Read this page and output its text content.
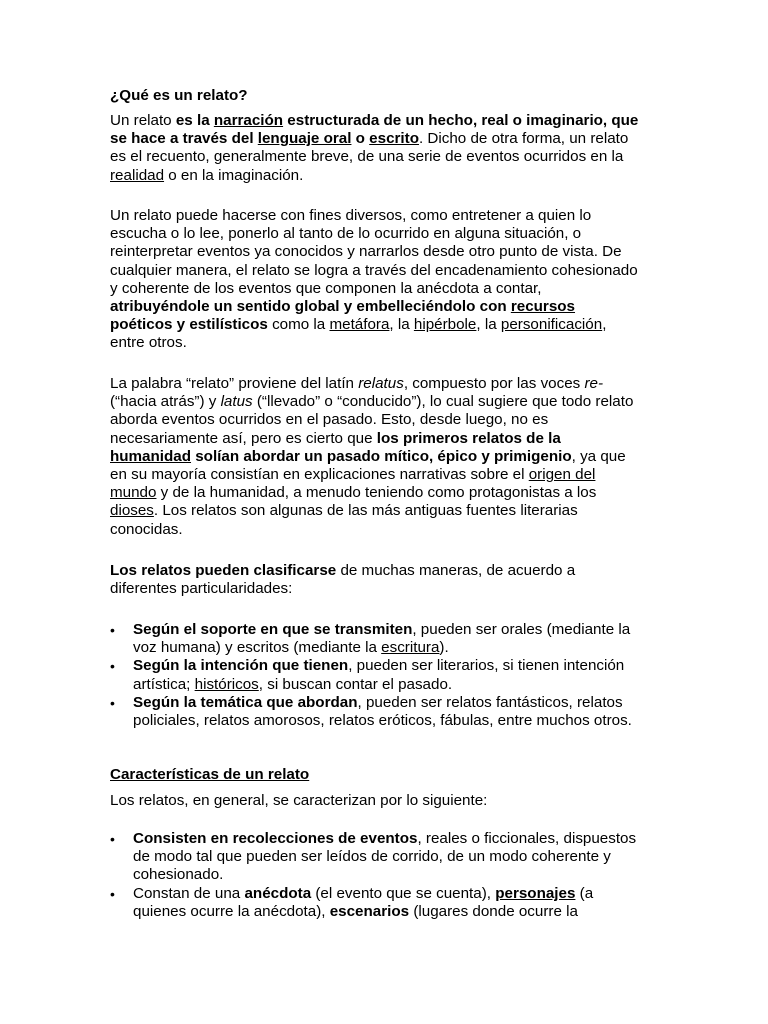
¿Qué es un relato?

Un relato es la narración estructurada de un hecho, real o imaginario, que se hace a través del lenguaje oral o escrito. Dicho de otra forma, un relato es el recuento, generalmente breve, de una serie de eventos ocurridos en la realidad o en la imaginación.

Un relato puede hacerse con fines diversos, como entretener a quien lo escucha o lo lee, ponerlo al tanto de lo ocurrido en alguna situación, o reinterpretar eventos ya conocidos y narrarlos desde otro punto de vista. De cualquier manera, el relato se logra a través del encadenamiento cohesionado y coherente de los eventos que componen la anécdota a contar, atribuyéndole un sentido global y embelleciéndolo con recursos poéticos y estilísticos como la metáfora, la hipérbole, la personificación, entre otros.

La palabra “relato” proviene del latín relatus, compuesto por las voces re- (“hacia atrás”) y latus (“llevado” o “conducido”), lo cual sugiere que todo relato aborda eventos ocurridos en el pasado. Esto, desde luego, no es necesariamente así, pero es cierto que los primeros relatos de la humanidad solían abordar un pasado mítico, épico y primigenio, ya que en su mayoría consistían en explicaciones narrativas sobre el origen del mundo y de la humanidad, a menudo teniendo como protagonistas a los dioses. Los relatos son algunas de las más antiguas fuentes literarias conocidas.

Los relatos pueden clasificarse de muchas maneras, de acuerdo a diferentes particularidades:

• Según el soporte en que se transmiten, pueden ser orales (mediante la voz humana) y escritos (mediante la escritura).
• Según la intención que tienen, pueden ser literarios, si tienen intención artística; históricos, si buscan contar el pasado.
• Según la temática que abordan, pueden ser relatos fantásticos, relatos policiales, relatos amorosos, relatos eróticos, fábulas, entre muchos otros.
Características de un relato

Los relatos, en general, se caracterizan por lo siguiente:

• Consisten en recolecciones de eventos, reales o ficcionales, dispuestos de modo tal que pueden ser leídos de corrido, de un modo coherente y cohesionado.
• Constan de una anécdota (el evento que se cuenta), personajes (a quienes ocurre la anécdota), escenarios (lugares donde ocurre la
